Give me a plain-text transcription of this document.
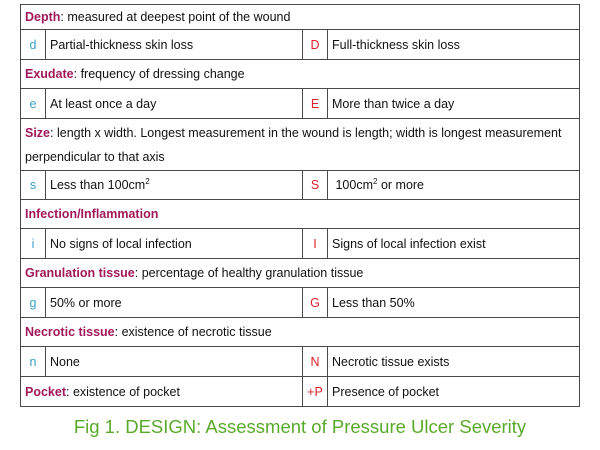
Depth: measured at deepest point of the wound			
d	Partial-thickness skin loss	D	Full-thickness skin loss
Exudate: frequency of dressing change			
e	At least once a day	E	More than twice a day
Size: length x width. Longest measurement in the wound is length; width is longest measurement perpendicular to that axis			
s	Less than $100cm^2$	S	$100cm^2$ or more
Infection/Inflammation			
i	No signs of local infection	I	Signs of local infection exist
Granulation tissue: percentage of healthy granulation tissue			
g	50% or more	G	Less than 50%
Necrotic tissue: existence of necrotic tissue			
n	None	N	Necrotic tissue exists
Pocket: existence of pocket		+P	Presence of pocket
Fig 1. DESIGN: Assessment of Pressure Ulcer Severity
